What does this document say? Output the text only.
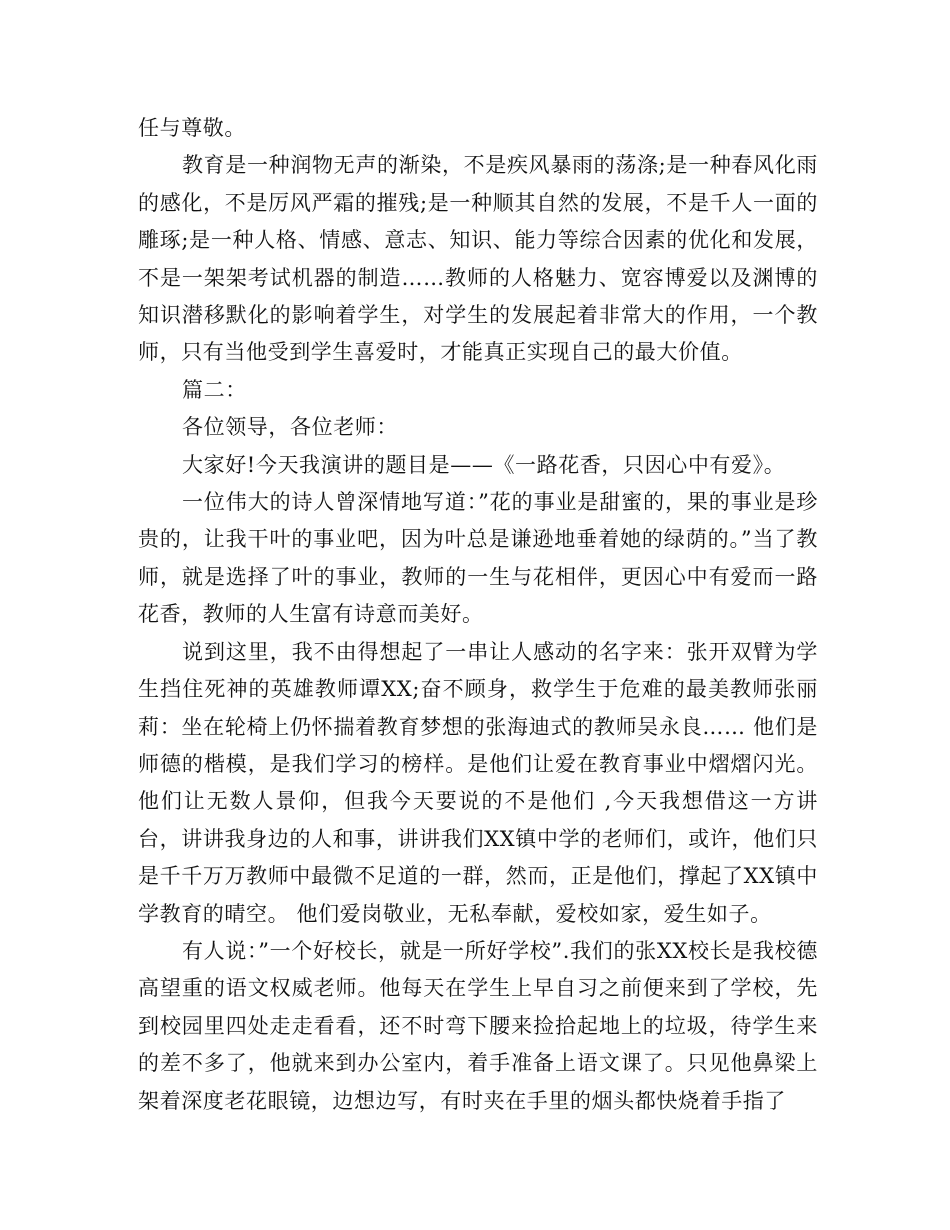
任与尊敬。

教育是一种润物无声的渐染，不是疾风暴雨的荡涤;是一种春风化雨的感化，不是厉风严霜的摧残;是一种顺其自然的发展，不是千人一面的雕琢;是一种人格、情感、意志、知识、能力等综合因素的优化和发展，不是一架架考试机器的制造……教师的人格魅力、宽容博爱以及渊博的知识潜移默化的影响着学生，对学生的发展起着非常大的作用，一个教师，只有当他受到学生喜爱时，才能真正实现自己的最大价值。

篇二：

各位领导，各位老师：

大家好!今天我演讲的题目是——《一路花香，只因心中有爱》。

一位伟大的诗人曾深情地写道：”花的事业是甜蜜的，果的事业是珍贵的，让我干叶的事业吧，因为叶总是谦逊地垂着她的绿荫的。”当了教师，就是选择了叶的事业，教师的一生与花相伴，更因心中有爱而一路花香，教师的人生富有诗意而美好。

说到这里，我不由得想起了一串让人感动的名字来：张开双臂为学生挡住死神的英雄教师谭XX;奋不顾身，救学生于危难的最美教师张丽莉：坐在轮椅上仍怀揣着教育梦想的张海迪式的教师吴永良…… 他们是师德的楷模，是我们学习的榜样。是他们让爱在教育事业中熠熠闪光。他们让无数人景仰，但我今天要说的不是他们 ,今天我想借这一方讲台，讲讲我身边的人和事，讲讲我们XX镇中学的老师们，或许，他们只是千千万万教师中最微不足道的一群，然而，正是他们，撑起了XX镇中学教育的晴空。 他们爱岗敬业，无私奉献，爱校如家，爱生如子。

有人说：”一个好校长，就是一所好学校”.我们的张XX校长是我校德高望重的语文权威老师。他每天在学生上早自习之前便来到了学校，先到校园里四处走走看看，还不时弯下腰来捡拾起地上的垃圾，待学生来的差不多了，他就来到办公室内，着手准备上语文课了。只见他鼻梁上架着深度老花眼镜，边想边写，有时夹在手里的烟头都快烧着手指了
